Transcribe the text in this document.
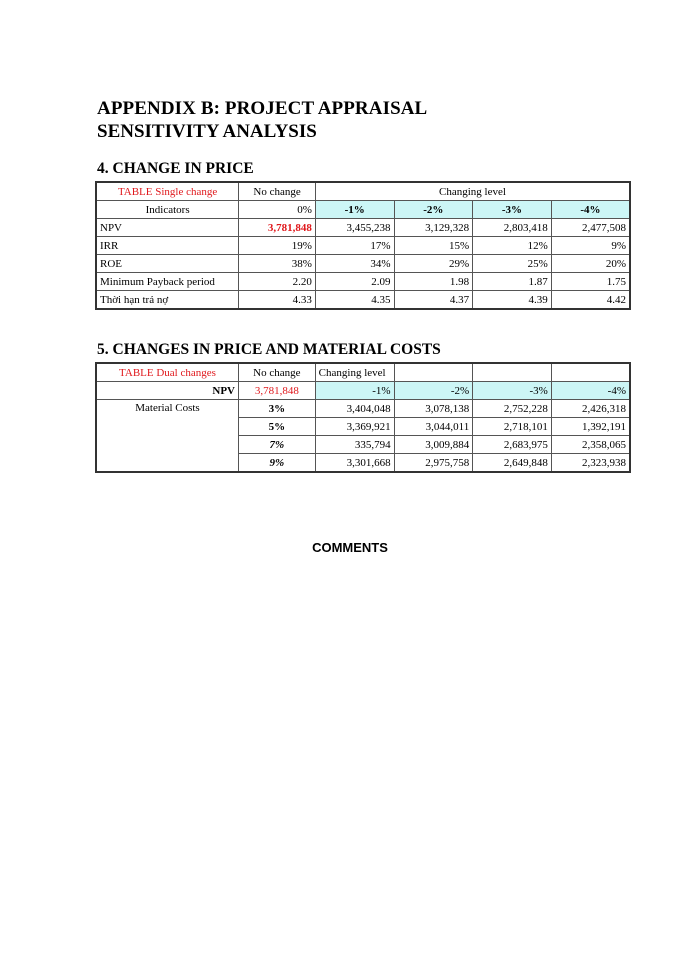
APPENDIX B: PROJECT APPRAISAL
SENSITIVITY ANALYSIS
4. CHANGE IN PRICE
TABLE Single change	No change	Changing level			
Indicators	0%	-1%	-2%	-3%	-4%
NPV	3,781,848	3,455,238	3,129,328	2,803,418	2,477,508
IRR	19%	17%	15%	12%	9%
ROE	38%	34%	29%	25%	20%
Minimum Payback period	2.20	2.09	1.98	1.87	1.75
Thời hạn trả nợ	4.33	4.35	4.37	4.39	4.42
5. CHANGES IN PRICE AND MATERIAL COSTS
TABLE Dual changes	No change	Changing level			
NPV	3,781,848	-1%	-2%	-3%	-4%
Material Costs	3%	3,404,048	3,078,138	2,752,228	2,426,318
	5%	3,369,921	3,044,011	2,718,101	1,392,191
	7%	335,794	3,009,884	2,683,975	2,358,065
	9%	3,301,668	2,975,758	2,649,848	2,323,938
COMMENTS
